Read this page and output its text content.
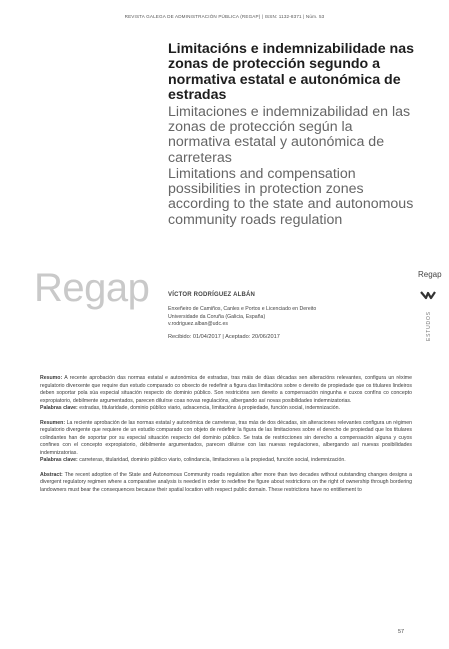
REVISTA GALEGA DE ADMINISTRACIÓN PÚBLICA (REGAP) | ISSN: 1132-8371 | Núm. 53
Limitacións e indemnizabilidade nas zonas de protección segundo a normativa estatal e autonómica de estradas
Limitaciones e indemnizabilidad en las zonas de protección según la normativa estatal y autonómica de carreteras
Limitations and compensation possibilities in protection zones according to the state and autonomous community roads regulation
Regap	Regap
ESTUDOS
VÍCTOR RODRÍGUEZ ALBÁN
Enxeñeiro de Camiños, Canles e Portos e Licenciado en Dereito
Universidade da Coruña (Galicia, España)
v.rodriguez.alban@udc.es
Recibido: 01/04/2017 | Aceptado: 20/06/2017

Resumo: A recente aprobación das normas estatal e autonómica de estradas, tras máis de dúas décadas sen alterac​ións relevantes, configura un réxime regulatorio diverxente que require dun estudo comparado co obxecto de redefinir a figura das limitacións sobre o dereito de propiedade que os titulares lindeiros deben soportar pola súa especial situación respecto do dominio público. Son restricións sen dereito a compensación ningunha e cuxos confíns co concepto expropiatorio, debilmente argumentados, parecen diluírse coas novas regulacións, albergando así novas posibilidades indemnizatorias.

Palabras clave: estradas, titularidade, dominio público viario, adxacencia, limitacións á propiedade, función social, indemnización.

Resumen: La reciente aprobación de las normas estatal y autonómica de carreteras, tras más de dos décadas, sin alteraciones relevantes configura un régimen regulatorio divergente que requiere de un estudio comparado con objeto de redefinir la figura de las limitaciones sobre el derecho de propiedad que los titulares colindantes han de soportar por su especial situación respecto del dominio público. Se trata de restricciones sin derecho a compensación alguna y cuyos confines con el concepto expropiatorio, débilmente argumentados, parecen diluirse con las nuevas regulaciones, albergando así nuevas posibilidades indemnizatorias.

Palabras clave: carreteras, titularidad, dominio público viario, colindancia, limitaciones a la propiedad, función social, indemnización.

Abstract: The recent adoption of the State and Autonomous Community roads regulation after more than two decades without outstanding changes designs a divergent regulatory regimen where a comparative analysis is needed in order to redefine the figure about restrictions on the right of ownership through bordering landowners must bear the consequences because their spatial location with respect public domain. These restrictions have no entitlement to

57
